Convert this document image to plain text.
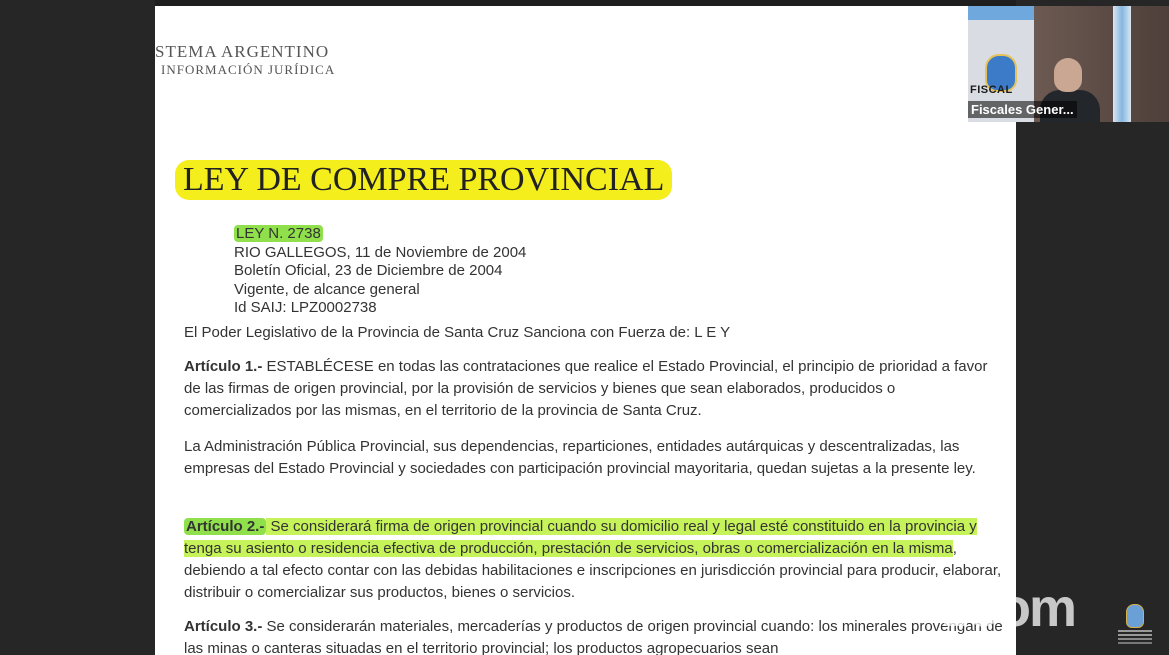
STEMA ARGENTINO
INFORMACIÓN JURÍDICA
LEY DE COMPRE PROVINCIAL
LEY N. 2738
RIO GALLEGOS, 11 de Noviembre de 2004
Boletín Oficial, 23 de Diciembre de 2004
Vigente, de alcance general
Id SAIJ: LPZ0002738
El Poder Legislativo de la Provincia de Santa Cruz Sanciona con Fuerza de: L E Y
Artículo 1.- ESTABLÉCESE en todas las contrataciones que realice el Estado Provincial, el principio de prioridad a favor de las firmas de origen provincial, por la provisión de servicios y bienes que sean elaborados, producidos o comercializados por las mismas, en el territorio de la provincia de Santa Cruz.
La Administración Pública Provincial, sus dependencias, reparticiones, entidades autárquicas y descentralizadas, las empresas del Estado Provincial y sociedades con participación provincial mayoritaria, quedan sujetas a la presente ley.
Artículo 2.- Se considerará firma de origen provincial cuando su domicilio real y legal esté constituido en la provincia y tenga su asiento o residencia efectiva de producción, prestación de servicios, obras o comercialización en la misma, debiendo a tal efecto contar con las debidas habilitaciones e inscripciones en jurisdicción provincial para producir, elaborar, distribuir o comercializar sus productos, bienes o servicios.
Artículo 3.- Se considerarán materiales, mercaderías y productos de origen provincial cuando: los minerales provengan de las minas o canteras situadas en el territorio provincial; los productos agropecuarios sean
FISCAL
Fiscales Gener...
zoom
